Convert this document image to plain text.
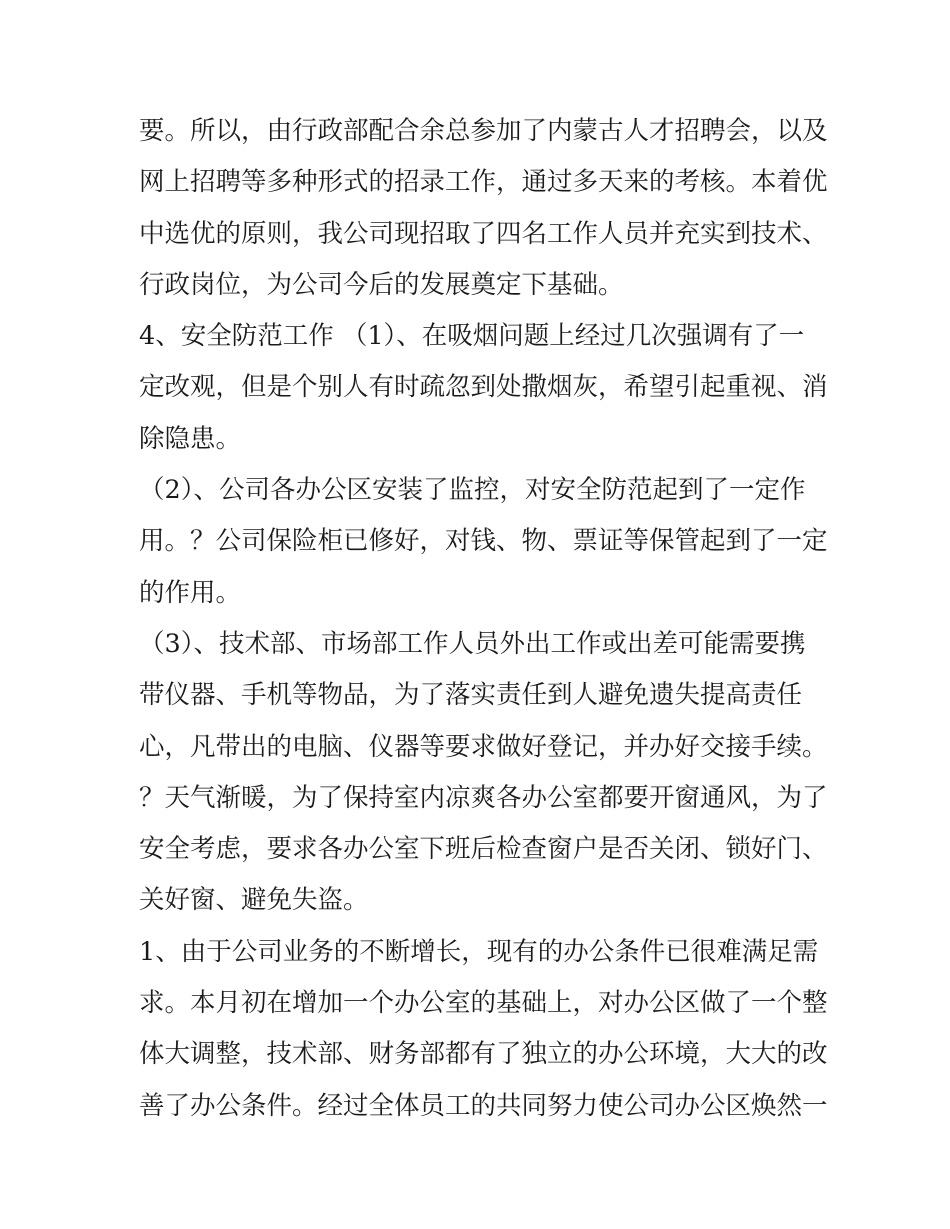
要。所以，由行政部配合余总参加了内蒙古人才招聘会，以及
网上招聘等多种形式的招录工作，通过多天来的考核。本着优
中选优的原则，我公司现招取了四名工作人员并充实到技术、
行政岗位，为公司今后的发展奠定下基础。
4、安全防范工作 （1）、在吸烟问题上经过几次强调有了一
定改观，但是个别人有时疏忽到处撒烟灰，希望引起重视、消
除隐患。
（2）、公司各办公区安装了监控，对安全防范起到了一定作
用。？公司保险柜已修好，对钱、物、票证等保管起到了一定
的作用。
（3）、技术部、市场部工作人员外出工作或出差可能需要携
带仪器、手机等物品，为了落实责任到人避免遗失提高责任
心，凡带出的电脑、仪器等要求做好登记，并办好交接手续。
？天气渐暖，为了保持室内凉爽各办公室都要开窗通风，为了
安全考虑，要求各办公室下班后检查窗户是否关闭、锁好门、
关好窗、避免失盗。
1、由于公司业务的不断增长，现有的办公条件已很难满足需
求。本月初在增加一个办公室的基础上，对办公区做了一个整
体大调整，技术部、财务部都有了独立的办公环境，大大的改
善了办公条件。经过全体员工的共同努力使公司办公区焕然一
